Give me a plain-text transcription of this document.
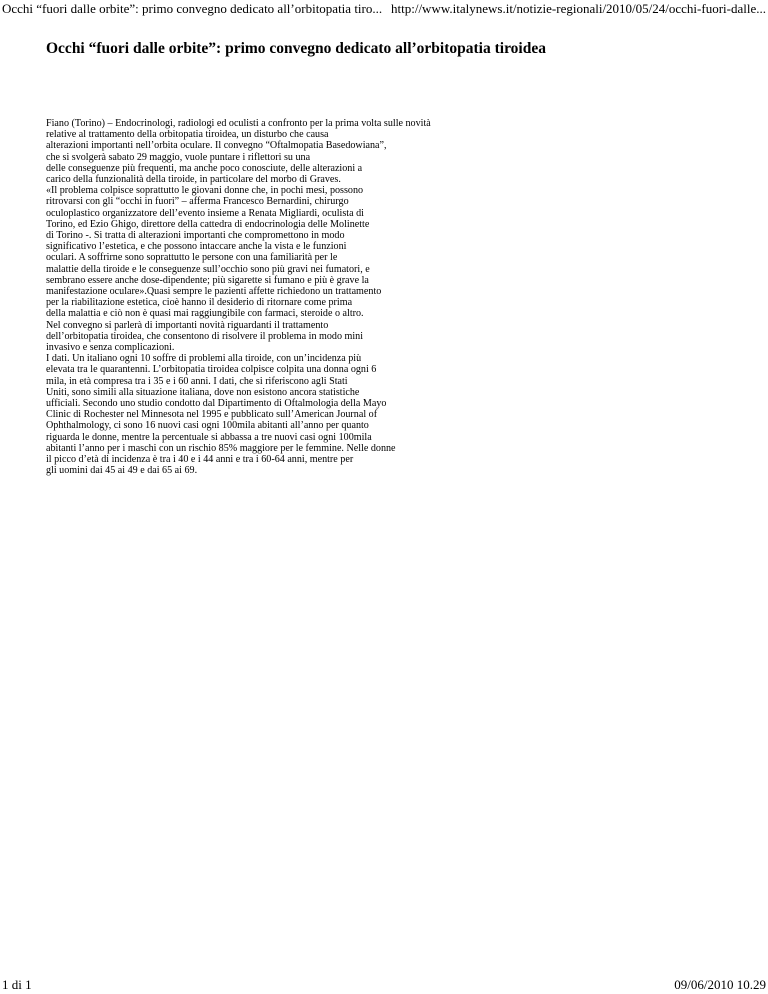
Occhi “fuori dalle orbite”: primo convegno dedicato all’orbitopatia tiro... http://www.italynews.it/notizie-regionali/2010/05/24/occhi-fuori-dalle...
Occhi “fuori dalle orbite”: primo convegno dedicato all’orbitopatia tiroidea
Fiano (Torino) – Endocrinologi, radiologi ed oculisti a confronto per la prima volta sulle novità
relative al trattamento della orbitopatia tiroidea, un disturbo che causa
alterazioni importanti nell’orbita oculare. Il convegno “Oftalmopatia Basedowiana”,
che si svolgerà sabato 29 maggio, vuole puntare i riflettori su una
delle conseguenze più frequenti, ma anche poco conosciute, delle alterazioni a
carico della funzionalità della tiroide, in particolare del morbo di Graves.
«Il problema colpisce soprattutto le giovani donne che, in pochi mesi, possono
ritrovarsi con gli “occhi in fuori” – afferma Francesco Bernardini, chirurgo
oculoplastico organizzatore dell’evento insieme a Renata Migliardi, oculista di
Torino, ed Ezio Ghigo, direttore della cattedra di endocrinologia delle Molinette
di Torino -. Si tratta di alterazioni importanti che compromettono in modo
significativo l’estetica, e che possono intaccare anche la vista e le funzioni
oculari. A soffrirne sono soprattutto le persone con una familiarità per le
malattie della tiroide e le conseguenze sull’occhio sono più gravi nei fumatori, e
sembrano essere anche dose-dipendente; più sigarette si fumano e più è grave la
manifestazione oculare».Quasi sempre le pazienti affette richiedono un trattamento
per la riabilitazione estetica, cioè hanno il desiderio di ritornare come prima
della malattia e ciò non è quasi mai raggiungibile con farmaci, steroide o altro.
Nel convegno si parlerà di importanti novità riguardanti il trattamento
dell’orbitopatia tiroidea, che consentono di risolvere il problema in modo mini
invasivo e senza complicazioni.
I dati. Un italiano ogni 10 soffre di problemi alla tiroide, con un’incidenza più
elevata tra le quarantenni. L’orbitopatia tiroidea colpisce colpita una donna ogni 6
mila, in età compresa tra i 35 e i 60 anni. I dati, che si riferiscono agli Stati
Uniti, sono simili alla situazione italiana, dove non esistono ancora statistiche
ufficiali. Secondo uno studio condotto dal Dipartimento di Oftalmologia della Mayo
Clinic di Rochester nel Minnesota nel 1995 e pubblicato sull’American Journal of
Ophthalmology, ci sono 16 nuovi casi ogni 100mila abitanti all’anno per quanto
riguarda le donne, mentre la percentuale si abbassa a tre nuovi casi ogni 100mila
abitanti l’anno per i maschi con un rischio 85% maggiore per le femmine. Nelle donne
il picco d’età di incidenza è tra i 40 e i 44 anni e tra i 60-64 anni, mentre per
gli uomini dai 45 ai 49 e dai 65 ai 69.
1 di 1	09/06/2010 10.29
